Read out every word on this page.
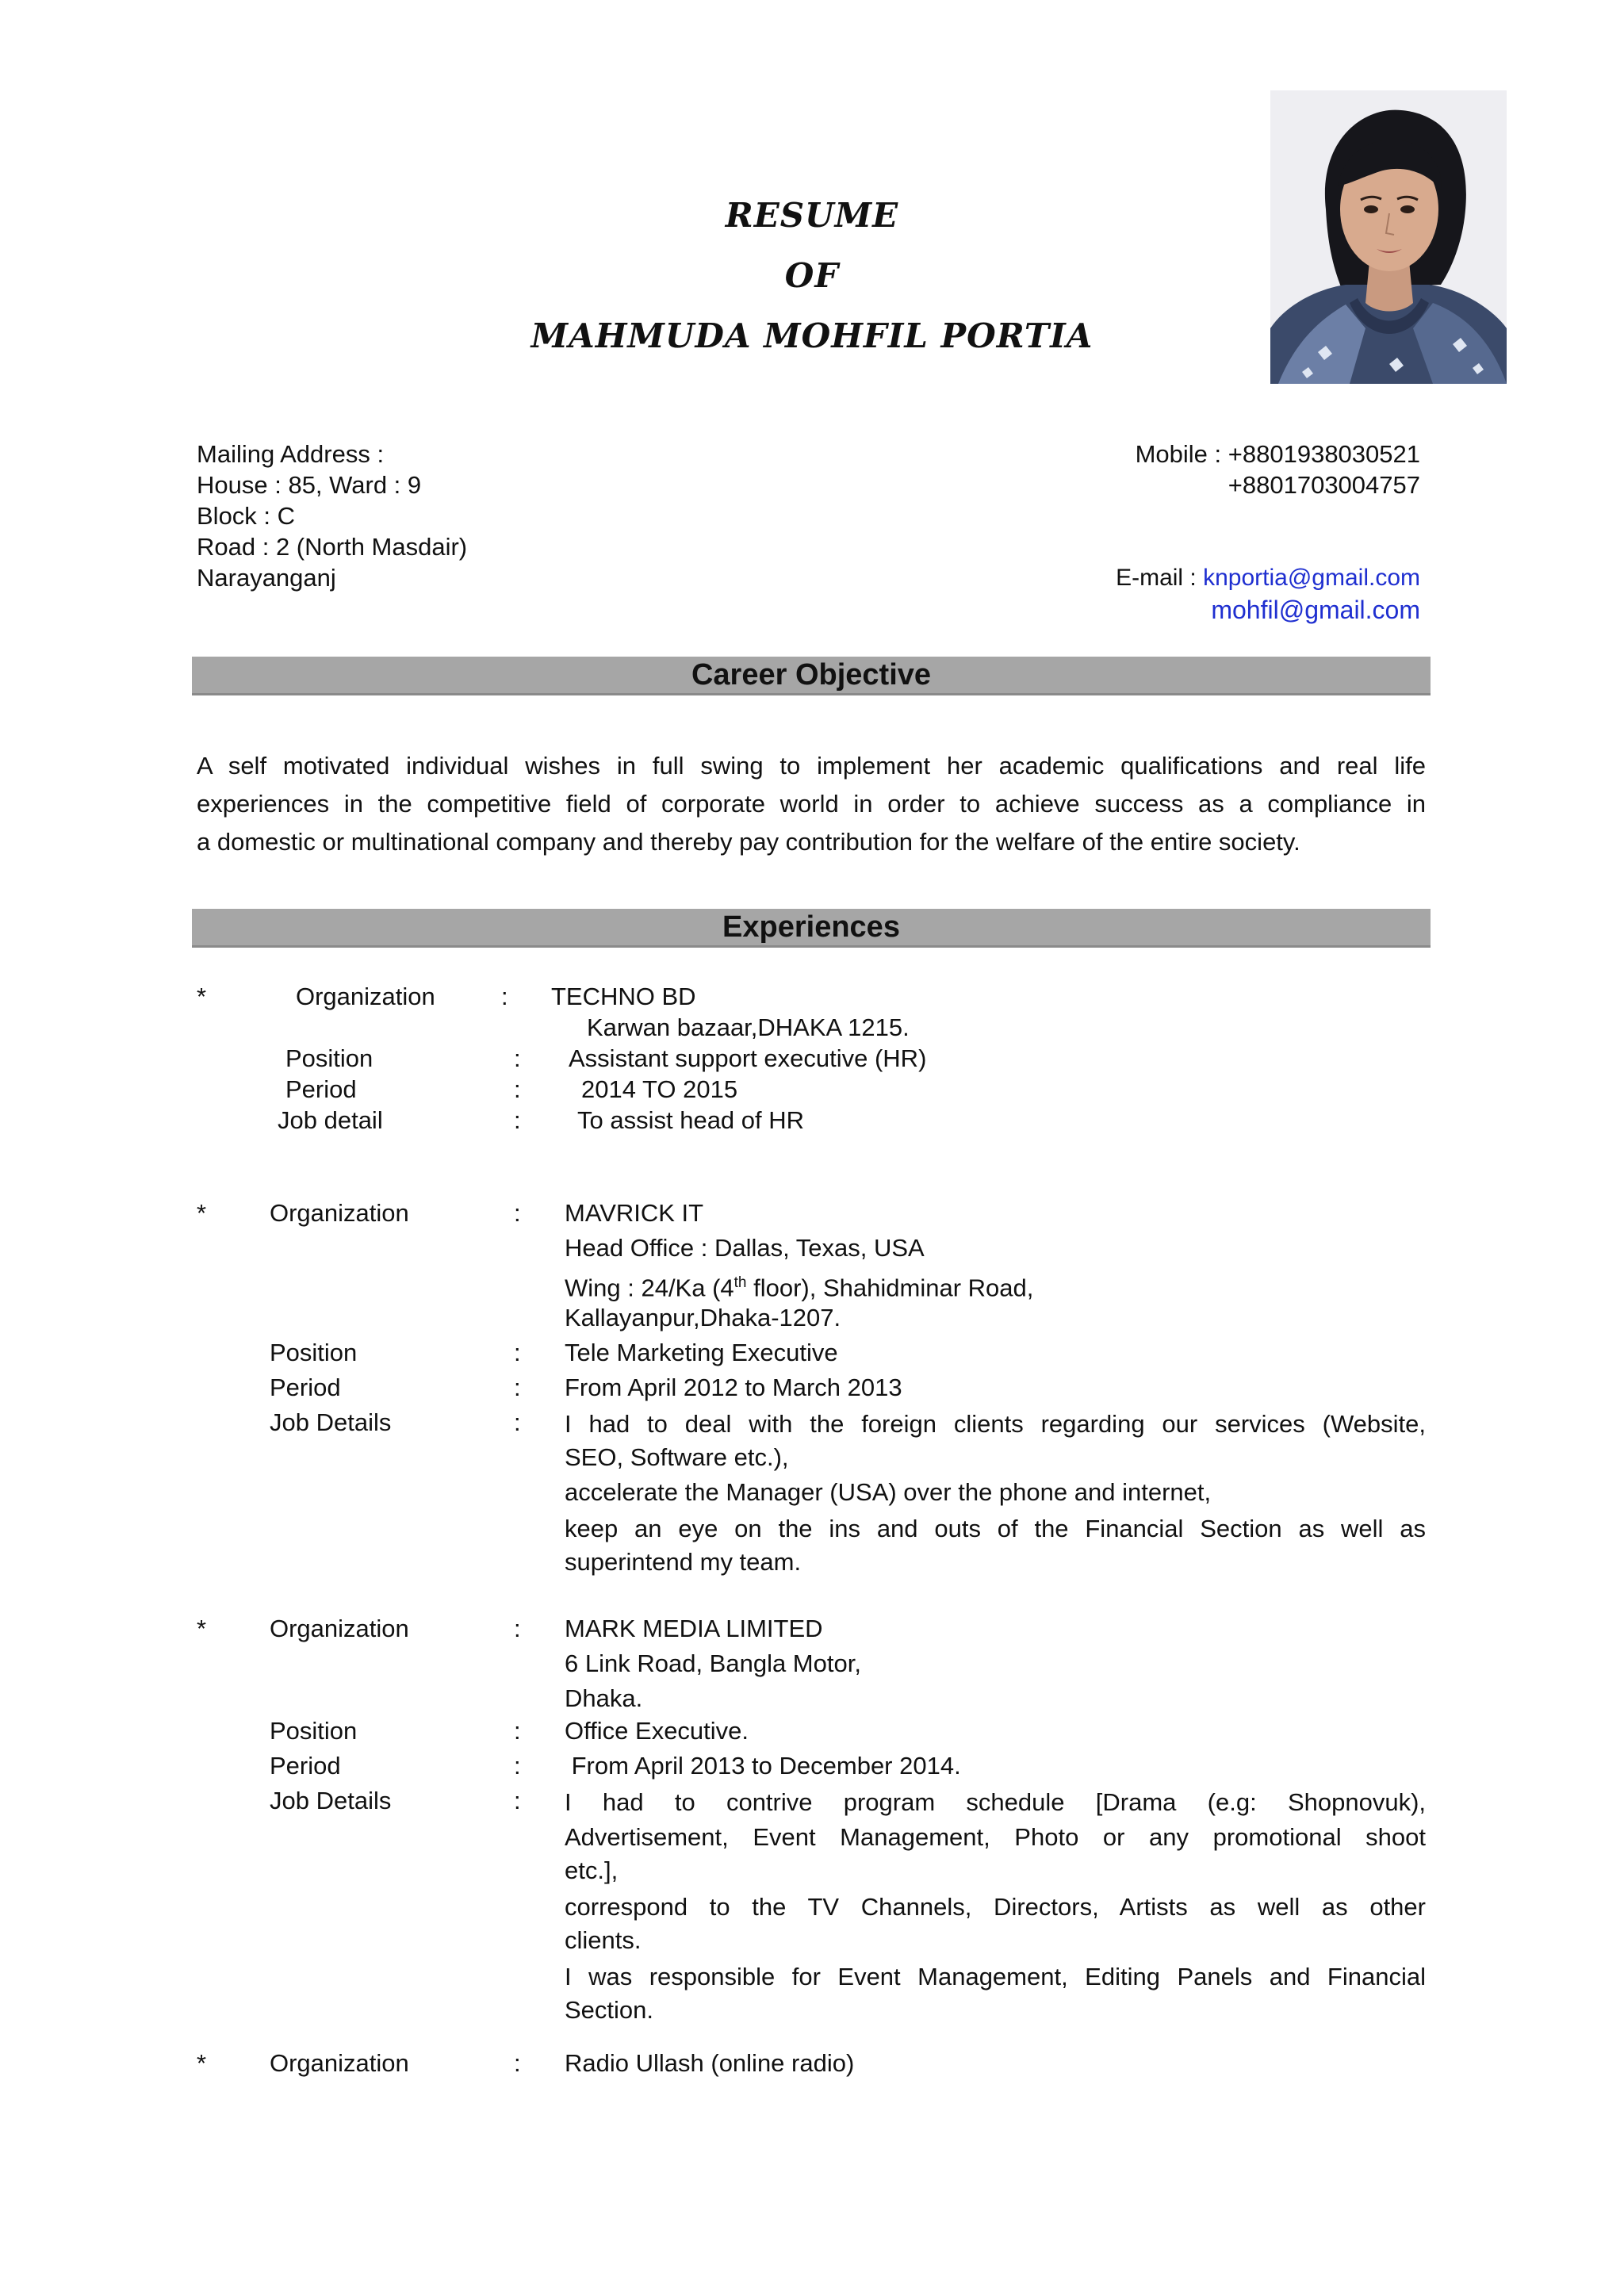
RESUME
OF
MAHMUDA MOHFIL PORTIA
Mailing Address :
House : 85, Ward : 9
Block : C
Road : 2 (North Masdair)
Narayanganj
Mobile : +8801938030521
+8801703004757
E-mail : knportia@gmail.com
mohfil@gmail.com
Career Objective
A self motivated individual wishes in full swing to implement her academic qualifications and real life
experiences in the competitive field of corporate world in order to achieve success as a compliance in
a domestic or multinational company and thereby pay contribution for the welfare of the entire society.
Experiences
*	Organization	: TECHNO BD
Karwan bazaar,DHAKA 1215.
Position	: Assistant support executive (HR)
Period	: 2014 TO 2015
Job detail	: To assist head of HR
*	Organization	: MAVRICK IT
Head Office : Dallas, Texas, USA
Wing : 24/Ka (4th floor), Shahidminar Road,
Kallayanpur,Dhaka-1207.
Position	: Tele Marketing Executive
Period	: From April 2012 to March 2013
Job Details	: I had to deal with the foreign clients regarding our services (Website,
SEO, Software etc.),
accelerate the Manager (USA) over the phone and internet,
keep an eye on the ins and outs of the Financial Section as well as
superintend my team.
*	Organization	: MARK MEDIA LIMITED
6 Link Road, Bangla Motor,
Dhaka.
Position	: Office Executive.
Period	: From April 2013 to December 2014.
Job Details	: I had to contrive program schedule [Drama (e.g: Shopnovuk),
Advertisement, Event Management, Photo or any promotional shoot
etc.],
correspond to the TV Channels, Directors, Artists as well as other
clients.
I was responsible for Event Management, Editing Panels and Financial
Section.
*	Organization	: Radio Ullash (online radio)
